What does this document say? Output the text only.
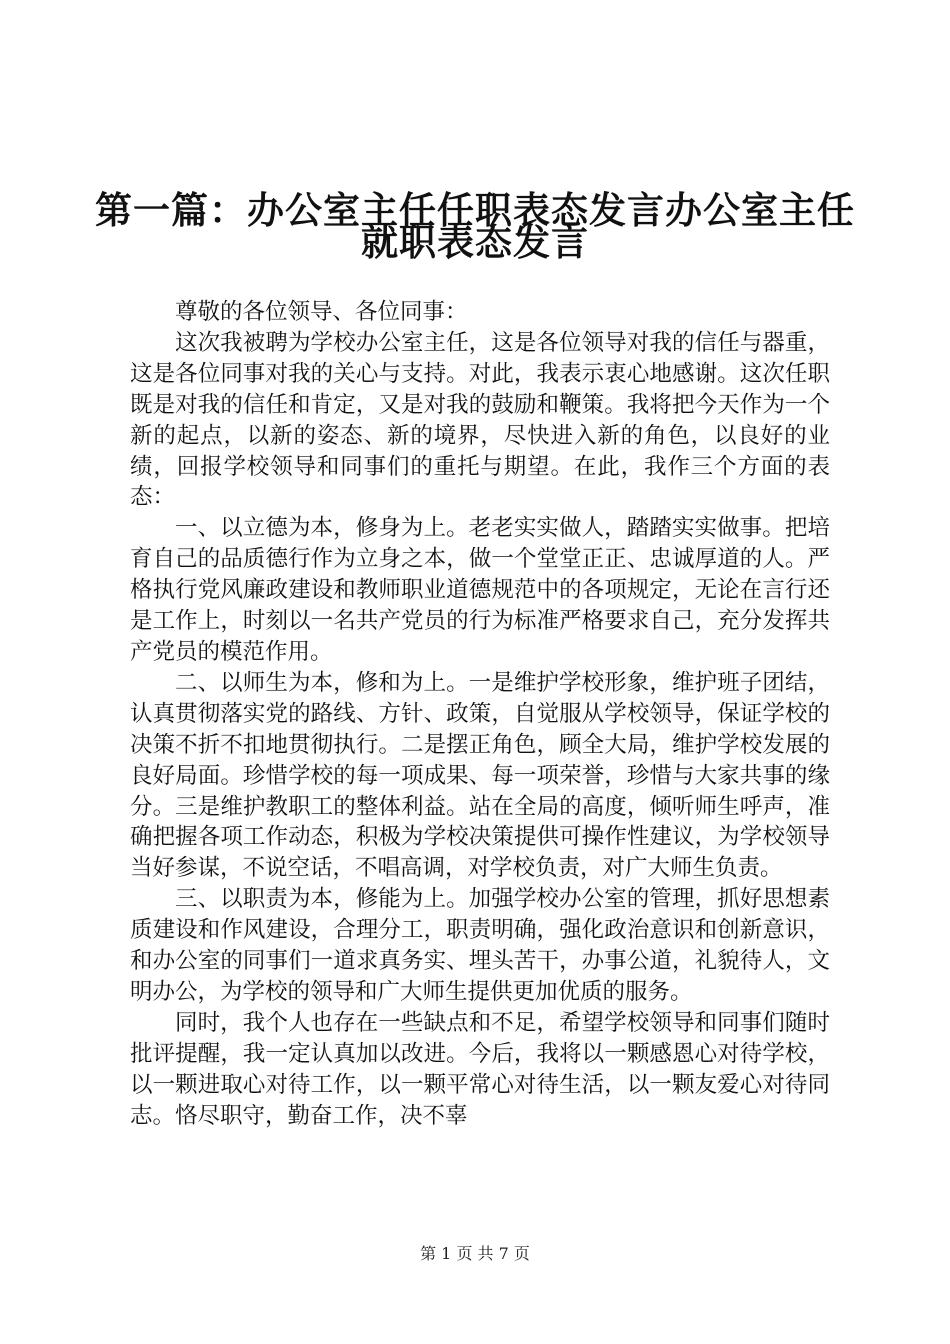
第一篇：办公室主任任职表态发言办公室主任
就职表态发言

尊敬的各位领导、各位同事：

这次我被聘为学校办公室主任，这是各位领导对我的信任与器重，这是各位同事对我的关心与支持。对此，我表示衷心地感谢。这次任职既是对我的信任和肯定，又是对我的鼓励和鞭策。我将把今天作为一个新的起点，以新的姿态、新的境界，尽快进入新的角色，以良好的业绩，回报学校领导和同事们的重托与期望。在此，我作三个方面的表态：

一、以立德为本，修身为上。老老实实做人，踏踏实实做事。把培育自己的品质德行作为立身之本，做一个堂堂正正、忠诚厚道的人。严格执行党风廉政建设和教师职业道德规范中的各项规定，无论在言行还是工作上，时刻以一名共产党员的行为标准严格要求自己，充分发挥共产党员的模范作用。

二、以师生为本，修和为上。一是维护学校形象，维护班子团结，认真贯彻落实党的路线、方针、政策，自觉服从学校领导，保证学校的决策不折不扣地贯彻执行。二是摆正角色，顾全大局，维护学校发展的良好局面。珍惜学校的每一项成果、每一项荣誉，珍惜与大家共事的缘分。三是维护教职工的整体利益。站在全局的高度，倾听师生呼声，准确把握各项工作动态，积极为学校决策提供可操作性建议，为学校领导当好参谋，不说空话，不唱高调，对学校负责，对广大师生负责。

三、以职责为本，修能为上。加强学校办公室的管理，抓好思想素质建设和作风建设，合理分工，职责明确，强化政治意识和创新意识，和办公室的同事们一道求真务实、埋头苦干，办事公道，礼貌待人，文明办公，为学校的领导和广大师生提供更加优质的服务。

同时，我个人也存在一些缺点和不足，希望学校领导和同事们随时批评提醒，我一定认真加以改进。今后，我将以一颗感恩心对待学校，以一颗进取心对待工作，以一颗平常心对待生活，以一颗友爱心对待同志。恪尽职守，勤奋工作，决不辜

第 1 页 共 7 页
